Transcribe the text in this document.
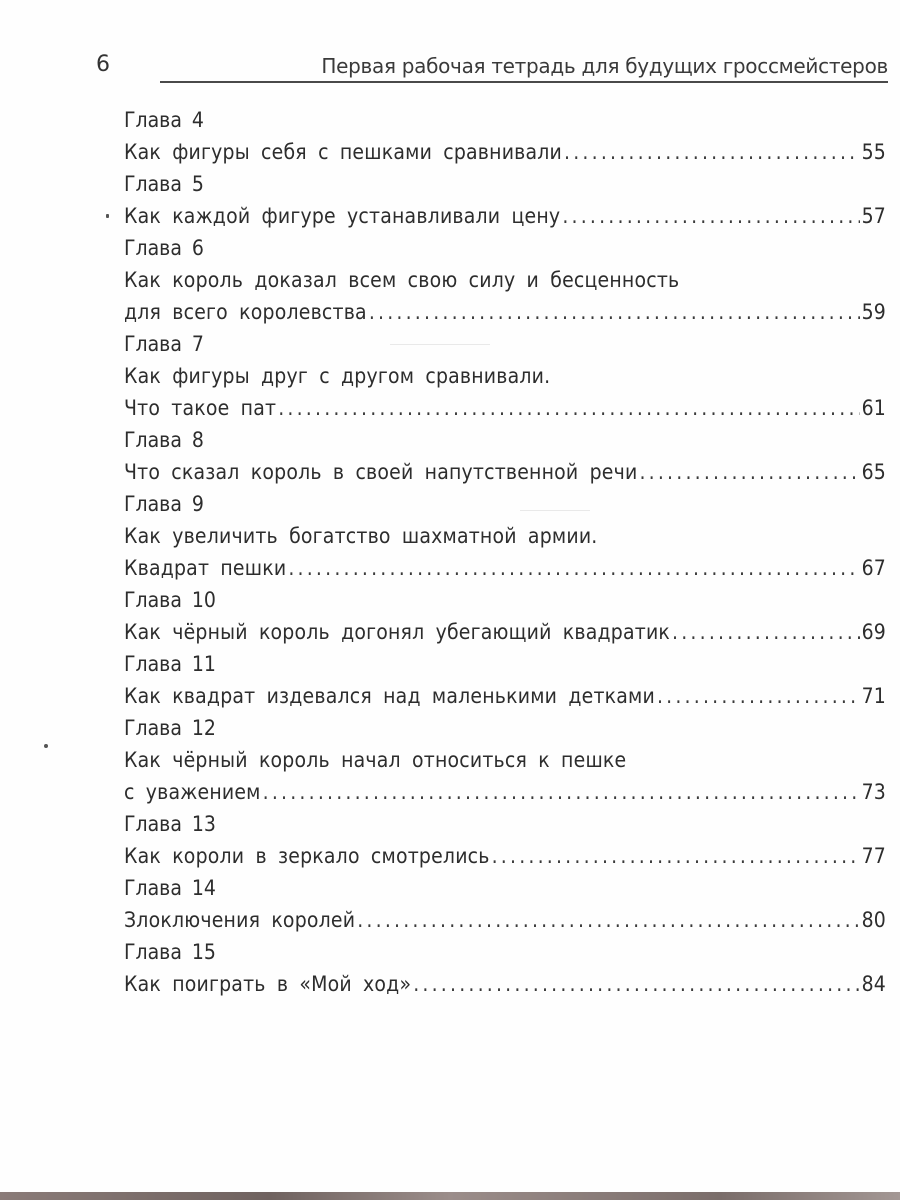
6	Первая рабочая тетрадь для будущих гроссмейстеров
Глава 4
Как фигуры себя с пешками сравнивали . . .	55
Глава 5
Как каждой фигуре устанавливали цену . . .	57
Глава 6
Как король доказал всем свою силу и бесценность
для всего королевства . . .	59
Глава 7
Как фигуры друг с другом сравнивали.
Что такое пат . . .	61
Глава 8
Что сказал король в своей напутственной речи . . .	65
Глава 9
Как увеличить богатство шахматной армии.
Квадрат пешки . . .	67
Глава 10
Как чёрный король догонял убегающий квадратик . . .	69
Глава 11
Как квадрат издевался над маленькими детками . . .	71
Глава 12
Как чёрный король начал относиться к пешке
с уважением . . .	73
Глава 13
Как короли в зеркало смотрелись . . .	77
Глава 14
Злоключения королей . . .	80
Глава 15
Как поиграть в «Мой ход» . . .	84
